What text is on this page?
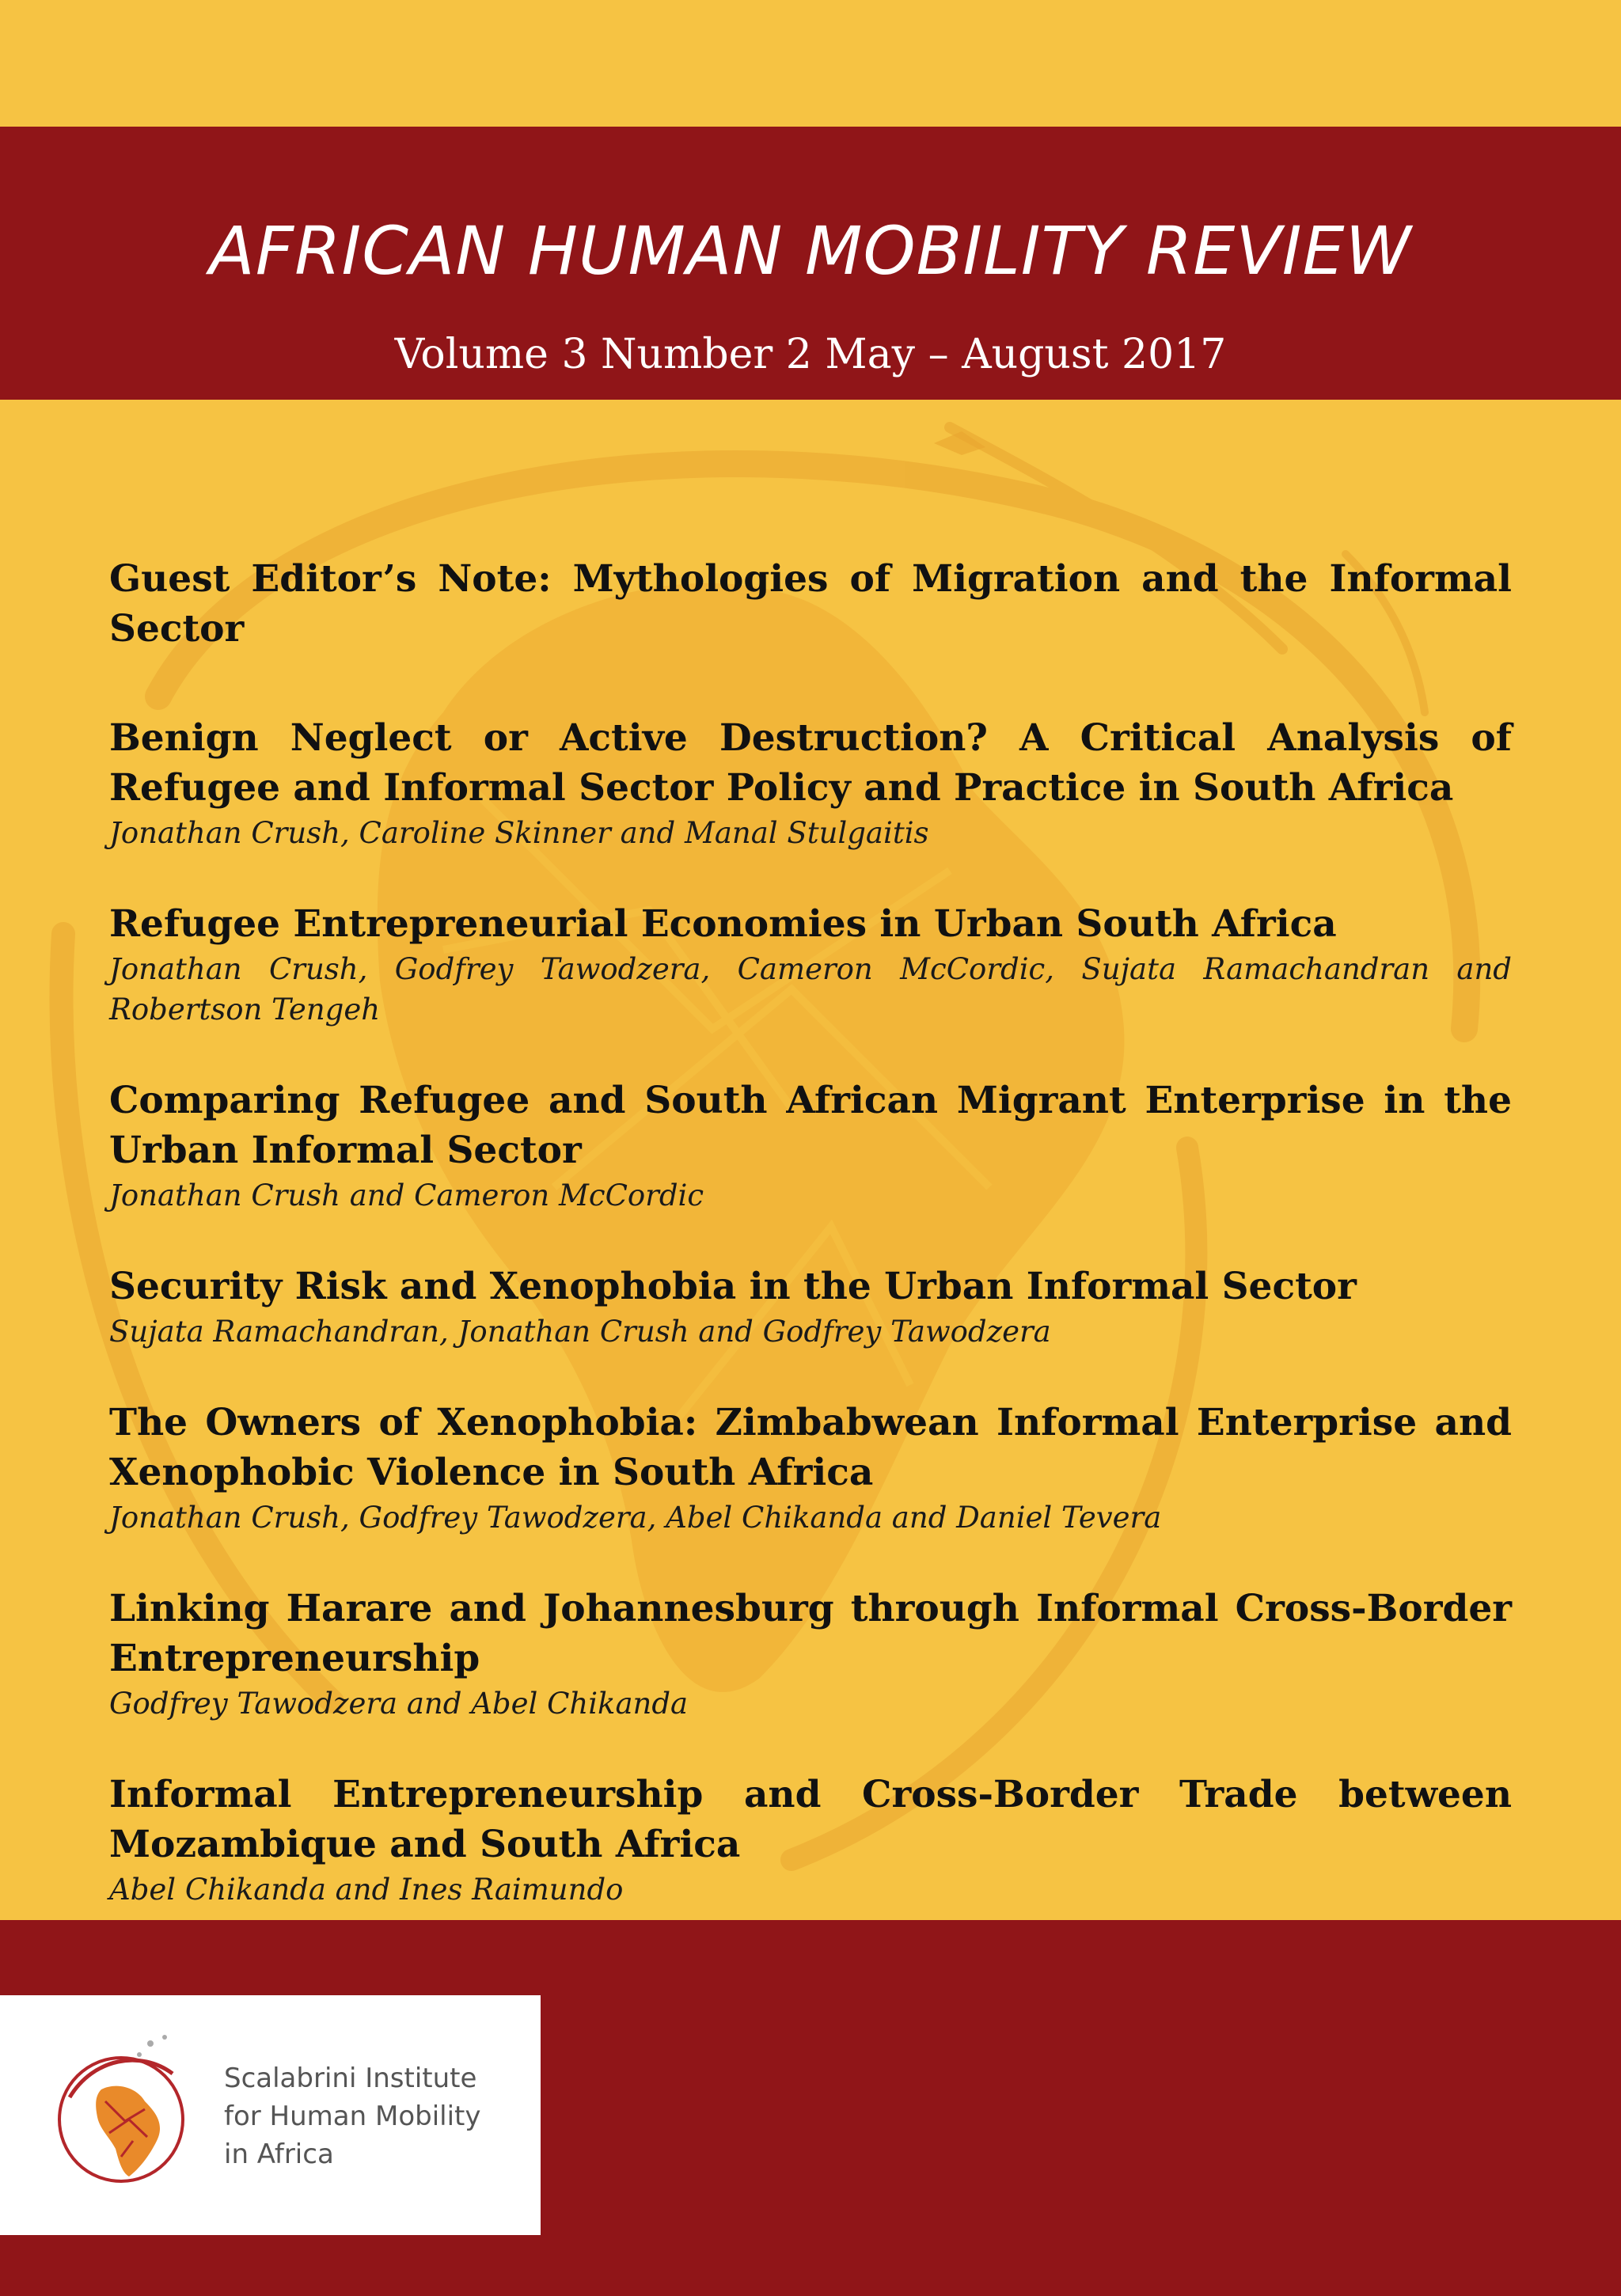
AFRICAN HUMAN MOBILITY REVIEW
Volume 3 Number 2 May – August 2017

Guest Editor’s Note: Mythologies of Migration and the Informal Sector

Benign Neglect or Active Destruction? A Critical Analysis of Refugee and Informal Sector Policy and Practice in South Africa

Jonathan Crush, Caroline Skinner and Manal Stulgaitis

Refugee Entrepreneurial Economies in Urban South Africa

Jonathan Crush, Godfrey Tawodzera, Cameron McCordic, Sujata Ramachandran and Robertson Tengeh

Comparing Refugee and South African Migrant Enterprise in the Urban Informal Sector

Jonathan Crush and Cameron McCordic

Security Risk and Xenophobia in the Urban Informal Sector

Sujata Ramachandran, Jonathan Crush and Godfrey Tawodzera

The Owners of Xenophobia: Zimbabwean Informal Enterprise and Xenophobic Violence in South Africa

Jonathan Crush, Godfrey Tawodzera, Abel Chikanda and Daniel Tevera

Linking Harare and Johannesburg through Informal Cross-Border Entrepreneurship

Godfrey Tawodzera and Abel Chikanda

Informal Entrepreneurship and Cross-Border Trade between Mozambique and South Africa

Abel Chikanda and Ines Raimundo

Scalabrini Institute
for Human Mobility
in Africa
